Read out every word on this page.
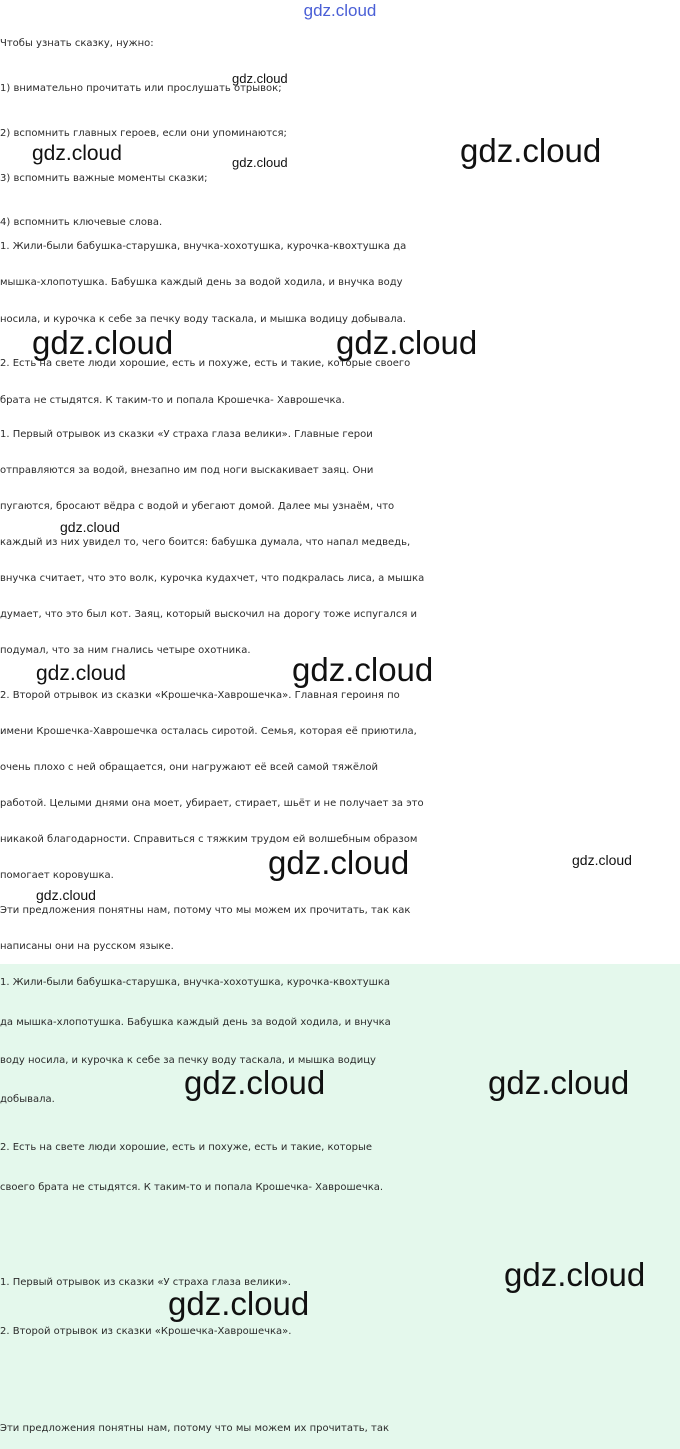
gdz.cloud
Чтобы узнать сказку, нужно:
1) внимательно прочитать или прослушать отрывок;
2) вспомнить главных героев, если они упоминаются;
3) вспомнить важные моменты сказки;
4) вспомнить ключевые слова.
1. Жили-были бабушка-старушка, внучка-хохотушка, курочка-квохтушка да
мышка-хлопотушка. Бабушка каждый день за водой ходила, и внучка воду
носила, и курочка к себе за печку воду таскала, и мышка водицу добывала.
2. Есть на свете люди хорошие, есть и похуже, есть и такие, которые своего
брата не стыдятся. К таким-то и попала Крошечка- Хаврошечка.
1. Первый отрывок из сказки «У страха глаза велики». Главные герои
отправляются за водой, внезапно им под ноги выскакивает заяц. Они
пугаются, бросают вёдра с водой и убегают домой. Далее мы узнаём, что
каждый из них увидел то, чего боится: бабушка думала, что напал медведь,
внучка считает, что это волк, курочка кудахчет, что подкралась лиса, а мышка
думает, что это был кот. Заяц, который выскочил на дорогу тоже испугался и
подумал, что за ним гнались четыре охотника.
2. Второй отрывок из сказки «Крошечка-Хаврошечка». Главная героиня по
имени Крошечка-Хаврошечка осталась сиротой. Семья, которая её приютила,
очень плохо с ней обращается, они нагружают её всей самой тяжёлой
работой. Целыми днями она моет, убирает, стирает, шьёт и не получает за это
никакой благодарности. Справиться с тяжким трудом ей волшебным образом
помогает коровушка.
Эти предложения понятны нам, потому что мы можем их прочитать, так как
написаны они на русском языке.
1. Жили-были бабушка-старушка, внучка-хохотушка, курочка-квохтушка
да мышка-хлопотушка. Бабушка каждый день за водой ходила, и внучка
воду носила, и курочка к себе за печку воду таскала, и мышка водицу
добывала.
2. Есть на свете люди хорошие, есть и похуже, есть и такие, которые
своего брата не стыдятся. К таким-то и попала Крошечка- Хаврошечка.
1. Первый отрывок из сказки «У страха глаза велики».
2. Второй отрывок из сказки «Крошечка-Хаврошечка».
Эти предложения понятны нам, потому что мы можем их прочитать, так
gdz.cloud
gdz.cloud	gdz.cloud
gdz.cloud
gdz.cloud	gdz.cloud
gdz.cloud
gdz.cloud	gdz.cloud
gdz.cloud	gdz.cloud
gdz.cloud
gdz.cloud	gdz.cloud
gdz.cloud
gdz.cloud
